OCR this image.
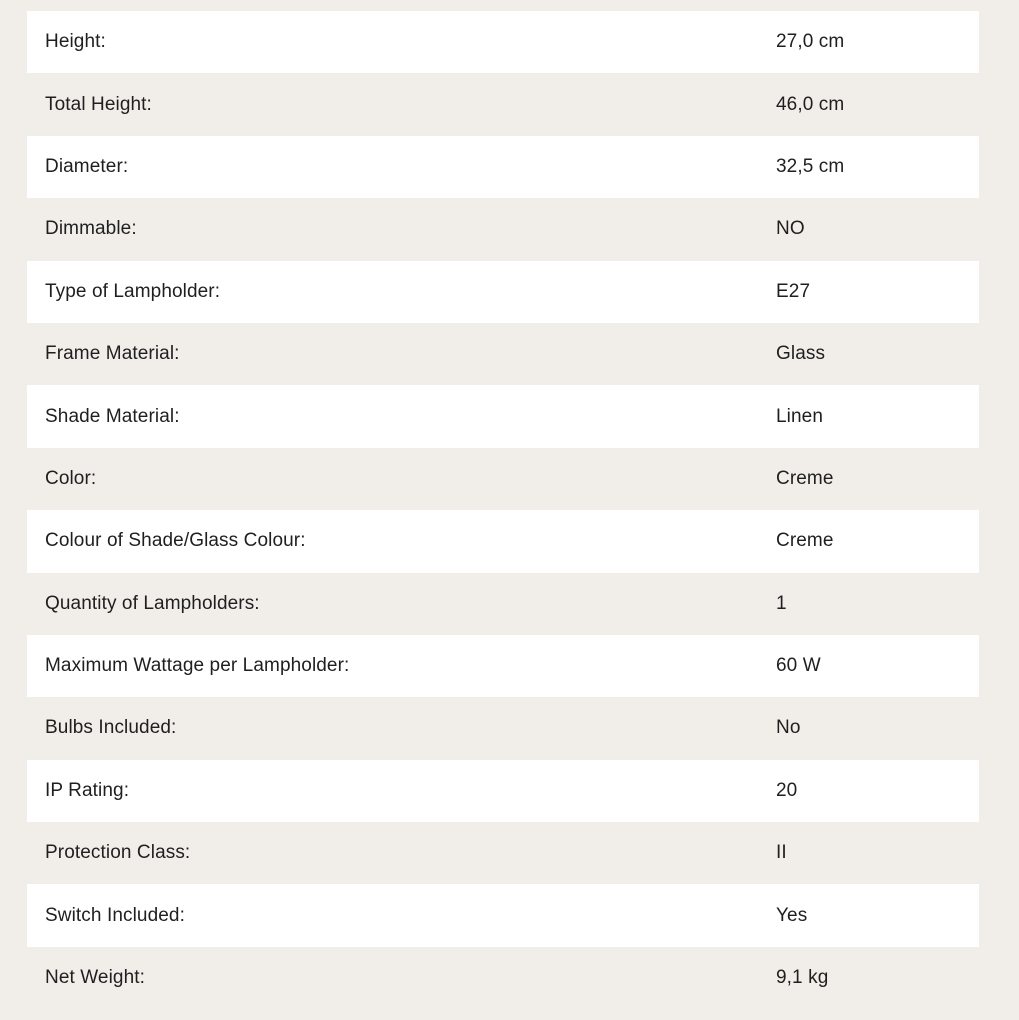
Height:	27,0 cm
Total Height:	46,0 cm
Diameter:	32,5 cm
Dimmable:	NO
Type of Lampholder:	E27
Frame Material:	Glass
Shade Material:	Linen
Color:	Creme
Colour of Shade/Glass Colour:	Creme
Quantity of Lampholders:	1
Maximum Wattage per Lampholder:	60 W
Bulbs Included:	No
IP Rating:	20
Protection Class:	II
Switch Included:	Yes
Net Weight:	9,1 kg
